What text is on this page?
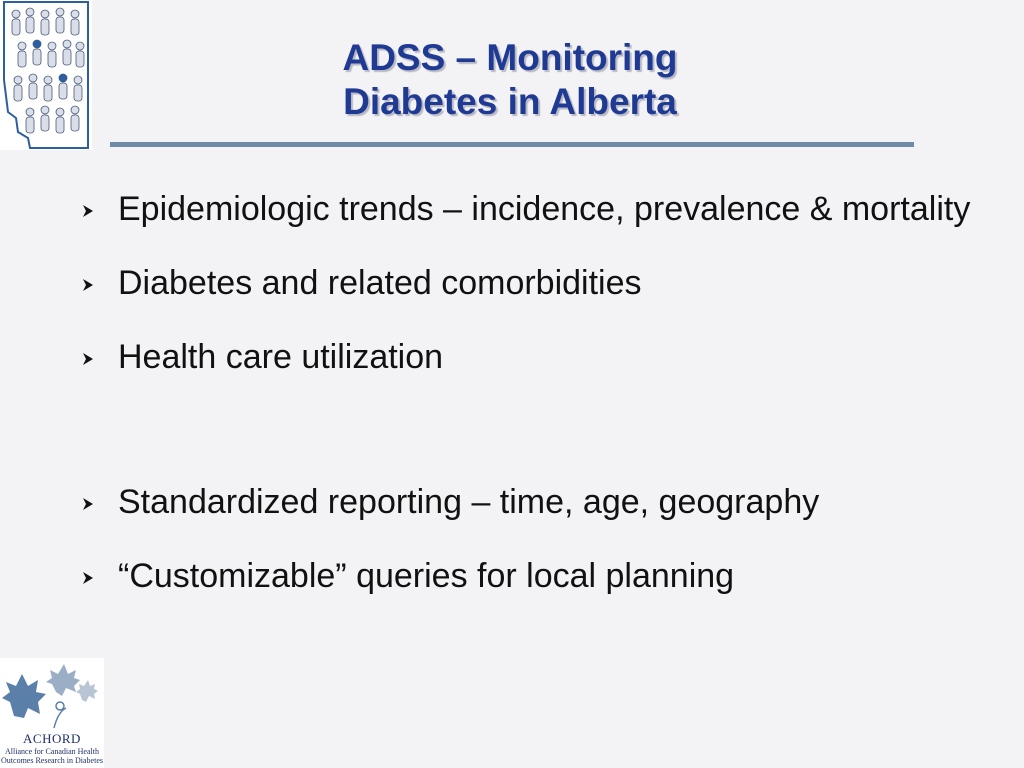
ADSS – Monitoring
Diabetes in Alberta
Epidemiologic trends – incidence, prevalence & mortality
Diabetes and related comorbidities
Health care utilization
Standardized reporting – time, age, geography
“Customizable” queries for local planning
ACHORD
Alliance for Canadian Health
Outcomes Research in Diabetes
